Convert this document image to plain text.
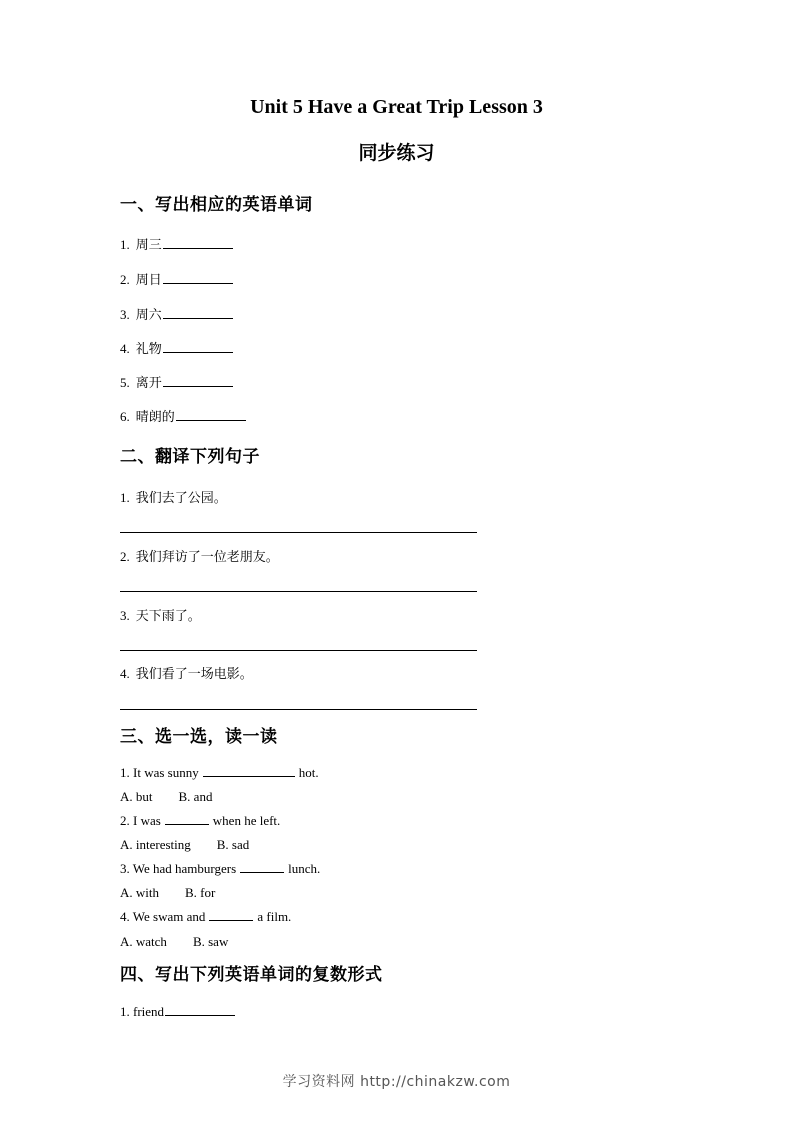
Unit 5 Have a Great Trip Lesson 3
同步练习
一、写出相应的英语单词
1. 周三
2. 周日
3. 周六
4. 礼物
5. 离开
6. 晴朗的
二、翻译下列句子
1. 我们去了公园。
2. 我们拜访了一位老朋友。
3. 天下雨了。
4. 我们看了一场电影。
三、选一选，读一读
1. It was sunny	hot.
A. but B. and
2. I was	when he left.
A. interesting B. sad
3. We had hamburgers	lunch.
A. with B. for
4. We swam and	a film.
A. watch B. saw
四、写出下列英语单词的复数形式
1. friend
学习资料网 http://chinakzw.com
